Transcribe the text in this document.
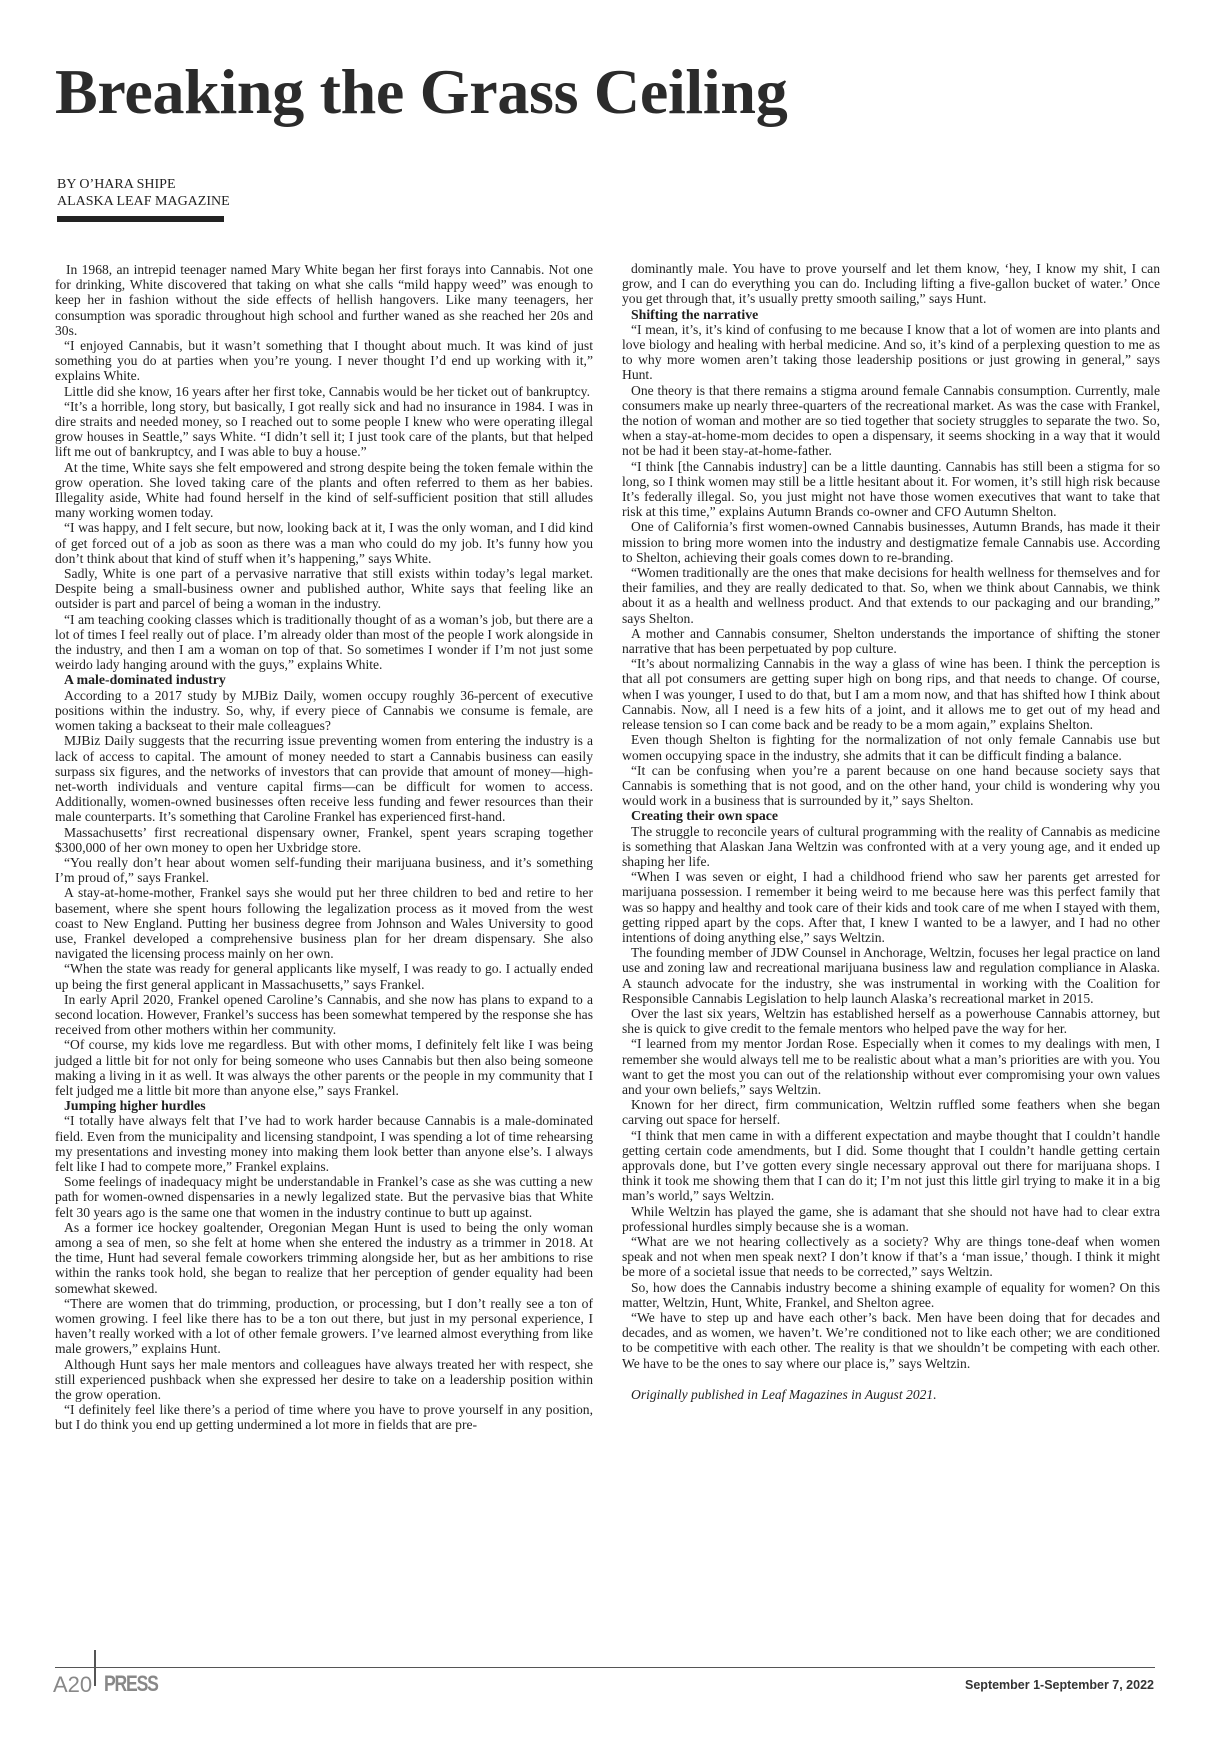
Breaking the Grass Ceiling
BY O’HARA SHIPE
ALASKA LEAF MAGAZINE

In 1968, an intrepid teenager named Mary White began her first forays into Cannabis. Not one for drinking, White discovered that taking on what she calls “mild happy weed” was enough to keep her in fashion without the side effects of hellish hangovers. Like many teenagers, her consumption was sporadic throughout high school and further waned as she reached her 20s and 30s.

“I enjoyed Cannabis, but it wasn’t something that I thought about much. It was kind of just something you do at parties when you’re young. I never thought I’d end up working with it,” explains White.

Little did she know, 16 years after her first toke, Cannabis would be her ticket out of bankruptcy.

“It’s a horrible, long story, but basically, I got really sick and had no insurance in 1984. I was in dire straits and needed money, so I reached out to some people I knew who were operating illegal grow houses in Seattle,” says White. “I didn’t sell it; I just took care of the plants, but that helped lift me out of bankruptcy, and I was able to buy a house.”

At the time, White says she felt empowered and strong despite being the token female within the grow operation. She loved taking care of the plants and often referred to them as her babies. Illegality aside, White had found herself in the kind of self-sufficient position that still alludes many working women today.

“I was happy, and I felt secure, but now, looking back at it, I was the only woman, and I did kind of get forced out of a job as soon as there was a man who could do my job. It’s funny how you don’t think about that kind of stuff when it’s happening,” says White.

Sadly, White is one part of a pervasive narrative that still exists within today’s legal market. Despite being a small-business owner and published author, White says that feeling like an outsider is part and parcel of being a woman in the industry.

“I am teaching cooking classes which is traditionally thought of as a woman’s job, but there are a lot of times I feel really out of place. I’m already older than most of the people I work alongside in the industry, and then I am a woman on top of that. So sometimes I wonder if I’m not just some weirdo lady hanging around with the guys,” explains White.

A male-dominated industry

According to a 2017 study by MJBiz Daily, women occupy roughly 36-percent of executive positions within the industry. So, why, if every piece of Cannabis we consume is female, are women taking a backseat to their male colleagues?

MJBiz Daily suggests that the recurring issue preventing women from entering the industry is a lack of access to capital. The amount of money needed to start a Cannabis business can easily surpass six figures, and the networks of investors that can provide that amount of money—high-net-worth individuals and venture capital firms—can be difficult for women to access. Additionally, women-owned businesses often receive less funding and fewer resources than their male counterparts. It’s something that Caroline Frankel has experienced first-hand.

Massachusetts’ first recreational dispensary owner, Frankel, spent years scraping together $300,000 of her own money to open her Uxbridge store.

“You really don’t hear about women self-funding their marijuana business, and it’s something I’m proud of,” says Frankel.

A stay-at-home-mother, Frankel says she would put her three children to bed and retire to her basement, where she spent hours following the legalization process as it moved from the west coast to New England. Putting her business degree from Johnson and Wales University to good use, Frankel developed a comprehensive business plan for her dream dispensary. She also navigated the licensing process mainly on her own.

“When the state was ready for general applicants like myself, I was ready to go. I actually ended up being the first general applicant in Massachusetts,” says Frankel.

In early April 2020, Frankel opened Caroline’s Cannabis, and she now has plans to expand to a second location. However, Frankel’s success has been somewhat tempered by the response she has received from other mothers within her community.

“Of course, my kids love me regardless. But with other moms, I definitely felt like I was being judged a little bit for not only for being someone who uses Cannabis but then also being someone making a living in it as well. It was always the other parents or the people in my community that I felt judged me a little bit more than anyone else,” says Frankel.

Jumping higher hurdles

“I totally have always felt that I’ve had to work harder because Cannabis is a male-dominated field. Even from the municipality and licensing standpoint, I was spending a lot of time rehearsing my presentations and investing money into making them look better than anyone else’s. I always felt like I had to compete more,” Frankel explains.

Some feelings of inadequacy might be understandable in Frankel’s case as she was cutting a new path for women-owned dispensaries in a newly legalized state. But the pervasive bias that White felt 30 years ago is the same one that women in the industry continue to butt up against.

As a former ice hockey goaltender, Oregonian Megan Hunt is used to being the only woman among a sea of men, so she felt at home when she entered the industry as a trimmer in 2018. At the time, Hunt had several female coworkers trimming alongside her, but as her ambitions to rise within the ranks took hold, she began to realize that her perception of gender equality had been somewhat skewed.

“There are women that do trimming, production, or processing, but I don’t really see a ton of women growing. I feel like there has to be a ton out there, but just in my personal experience, I haven’t really worked with a lot of other female growers. I’ve learned almost everything from like male growers,” explains Hunt.

Although Hunt says her male mentors and colleagues have always treated her with respect, she still experienced pushback when she expressed her desire to take on a leadership position within the grow operation.

“I definitely feel like there’s a period of time where you have to prove yourself in any position, but I do think you end up getting undermined a lot more in fields that are pre-

dominantly male. You have to prove yourself and let them know, ‘hey, I know my shit, I can grow, and I can do everything you can do. Including lifting a five-gallon bucket of water.’ Once you get through that, it’s usually pretty smooth sailing,” says Hunt.

Shifting the narrative

“I mean, it’s, it’s kind of confusing to me because I know that a lot of women are into plants and love biology and healing with herbal medicine. And so, it’s kind of a perplexing question to me as to why more women aren’t taking those leadership positions or just growing in general,” says Hunt.

One theory is that there remains a stigma around female Cannabis consumption. Currently, male consumers make up nearly three-quarters of the recreational market. As was the case with Frankel, the notion of woman and mother are so tied together that society struggles to separate the two. So, when a stay-at-home-mom decides to open a dispensary, it seems shocking in a way that it would not be had it been stay-at-home-father.

“I think [the Cannabis industry] can be a little daunting. Cannabis has still been a stigma for so long, so I think women may still be a little hesitant about it. For women, it’s still high risk because It’s federally illegal. So, you just might not have those women executives that want to take that risk at this time,” explains Autumn Brands co-owner and CFO Autumn Shelton.

One of California’s first women-owned Cannabis businesses, Autumn Brands, has made it their mission to bring more women into the industry and destigmatize female Cannabis use. According to Shelton, achieving their goals comes down to re-branding.

“Women traditionally are the ones that make decisions for health wellness for themselves and for their families, and they are really dedicated to that. So, when we think about Cannabis, we think about it as a health and wellness product. And that extends to our packaging and our branding,” says Shelton.

A mother and Cannabis consumer, Shelton understands the importance of shifting the stoner narrative that has been perpetuated by pop culture.

“It’s about normalizing Cannabis in the way a glass of wine has been. I think the perception is that all pot consumers are getting super high on bong rips, and that needs to change. Of course, when I was younger, I used to do that, but I am a mom now, and that has shifted how I think about Cannabis. Now, all I need is a few hits of a joint, and it allows me to get out of my head and release tension so I can come back and be ready to be a mom again,” explains Shelton.

Even though Shelton is fighting for the normalization of not only female Cannabis use but women occupying space in the industry, she admits that it can be difficult finding a balance.

“It can be confusing when you’re a parent because on one hand because society says that Cannabis is something that is not good, and on the other hand, your child is wondering why you would work in a business that is surrounded by it,” says Shelton.

Creating their own space

The struggle to reconcile years of cultural programming with the reality of Cannabis as medicine is something that Alaskan Jana Weltzin was confronted with at a very young age, and it ended up shaping her life.

“When I was seven or eight, I had a childhood friend who saw her parents get arrested for marijuana possession. I remember it being weird to me because here was this perfect family that was so happy and healthy and took care of their kids and took care of me when I stayed with them, getting ripped apart by the cops. After that, I knew I wanted to be a lawyer, and I had no other intentions of doing anything else,” says Weltzin.

The founding member of JDW Counsel in Anchorage, Weltzin, focuses her legal practice on land use and zoning law and recreational marijuana business law and regulation compliance in Alaska. A staunch advocate for the industry, she was instrumental in working with the Coalition for Responsible Cannabis Legislation to help launch Alaska’s recreational market in 2015.

Over the last six years, Weltzin has established herself as a powerhouse Cannabis attorney, but she is quick to give credit to the female mentors who helped pave the way for her.

“I learned from my mentor Jordan Rose. Especially when it comes to my dealings with men, I remember she would always tell me to be realistic about what a man’s priorities are with you. You want to get the most you can out of the relationship without ever compromising your own values and your own beliefs,” says Weltzin.

Known for her direct, firm communication, Weltzin ruffled some feathers when she began carving out space for herself.

“I think that men came in with a different expectation and maybe thought that I couldn’t handle getting certain code amendments, but I did. Some thought that I couldn’t handle getting certain approvals done, but I’ve gotten every single necessary approval out there for marijuana shops. I think it took me showing them that I can do it; I’m not just this little girl trying to make it in a big man’s world,” says Weltzin.

While Weltzin has played the game, she is adamant that she should not have had to clear extra professional hurdles simply because she is a woman.

“What are we not hearing collectively as a society? Why are things tone-deaf when women speak and not when men speak next? I don’t know if that’s a ‘man issue,’ though. I think it might be more of a societal issue that needs to be corrected,” says Weltzin.

So, how does the Cannabis industry become a shining example of equality for women? On this matter, Weltzin, Hunt, White, Frankel, and Shelton agree.

“We have to step up and have each other’s back. Men have been doing that for decades and decades, and as women, we haven’t. We’re conditioned not to like each other; we are conditioned to be competitive with each other. The reality is that we shouldn’t be competing with each other. We have to be the ones to say where our place is,” says Weltzin.

Originally published in Leaf Magazines in August 2021.

A20 PRESS	September 1-September 7, 2022
